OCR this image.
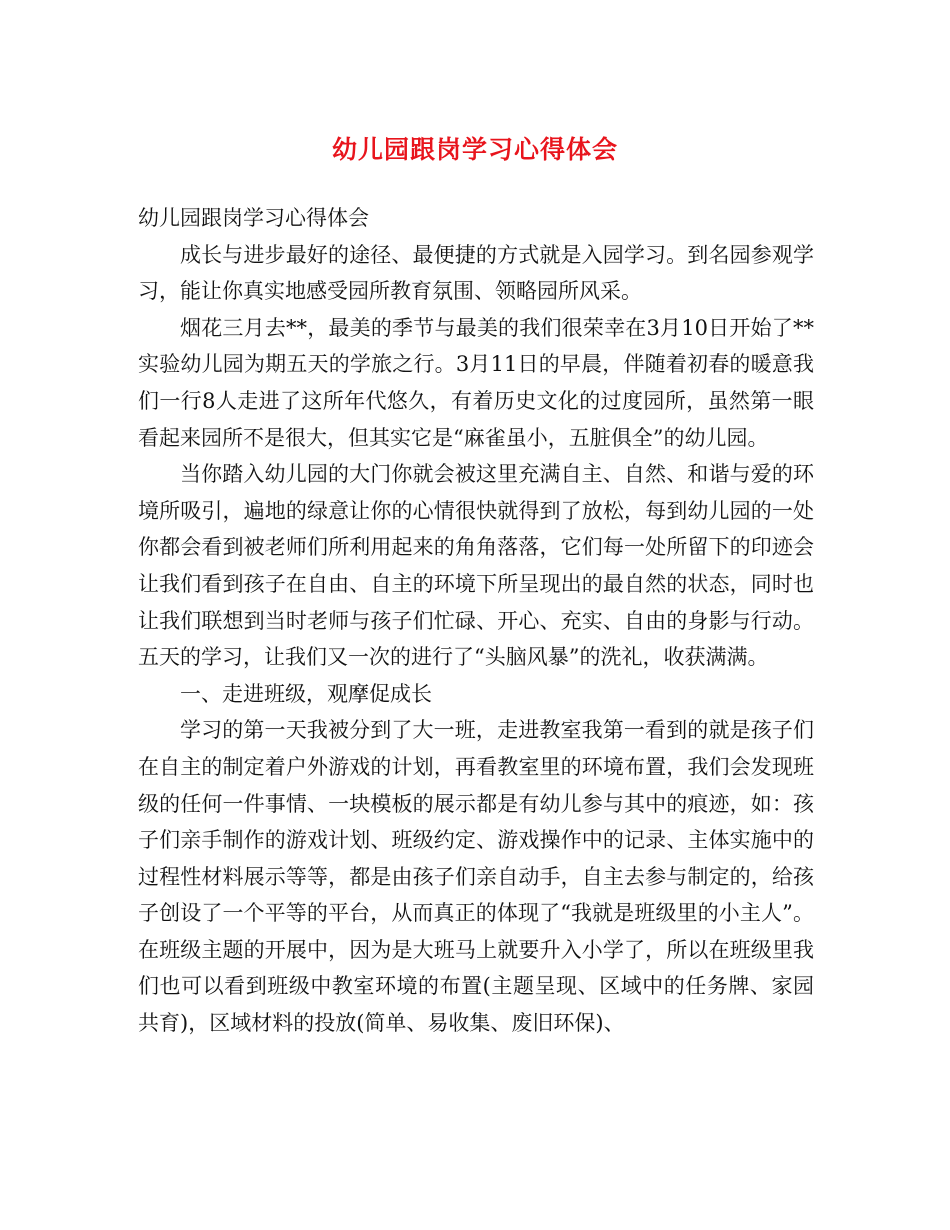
幼儿园跟岗学习心得体会

幼儿园跟岗学习心得体会

成长与进步最好的途径、最便捷的方式就是入园学习。到名园参观学习，能让你真实地感受园所教育氛围、领略园所风采。

烟花三月去**，最美的季节与最美的我们很荣幸在3月10日开始了**实验幼儿园为期五天的学旅之行。3月11日的早晨，伴随着初春的暖意我们一行8人走进了这所年代悠久，有着历史文化的过度园所，虽然第一眼看起来园所不是很大，但其实它是“麻雀虽小，五脏俱全”的幼儿园。

当你踏入幼儿园的大门你就会被这里充满自主、自然、和谐与爱的环境所吸引，遍地的绿意让你的心情很快就得到了放松，每到幼儿园的一处你都会看到被老师们所利用起来的角角落落，它们每一处所留下的印迹会让我们看到孩子在自由、自主的环境下所呈现出的最自然的状态，同时也让我们联想到当时老师与孩子们忙碌、开心、充实、自由的身影与行动。五天的学习，让我们又一次的进行了“头脑风暴”的洗礼，收获满满。

一、走进班级，观摩促成长

学习的第一天我被分到了大一班，走进教室我第一看到的就是孩子们在自主的制定着户外游戏的计划，再看教室里的环境布置，我们会发现班级的任何一件事情、一块模板的展示都是有幼儿参与其中的痕迹，如：孩子们亲手制作的游戏计划、班级约定、游戏操作中的记录、主体实施中的过程性材料展示等等，都是由孩子们亲自动手，自主去参与制定的，给孩子创设了一个平等的平台，从而真正的体现了“我就是班级里的小主人”。在班级主题的开展中，因为是大班马上就要升入小学了，所以在班级里我们也可以看到班级中教室环境的布置(主题呈现、区域中的任务牌、家园共育)，区域材料的投放(简单、易收集、废旧环保)、
